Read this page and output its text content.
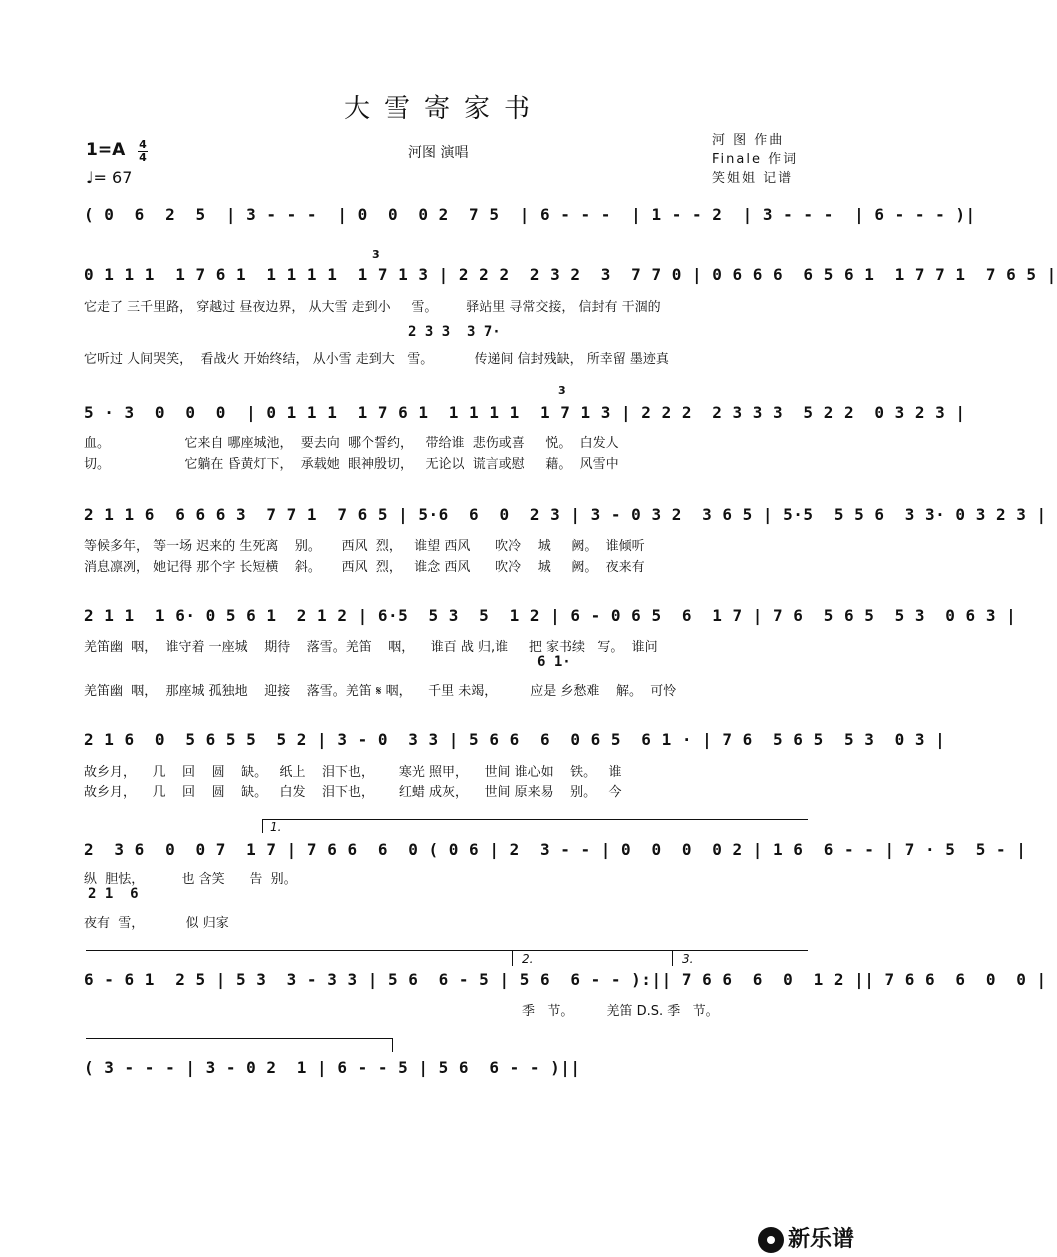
大雪寄家书
1=A 4
4
♩= 67
河图 演唱
河 图 作曲
Finale 作词
笑姐姐 记谱
( 0  6  2  5  | 3 - - -  | 0  0  0 2  7 5  | 6 - - -  | 1 - - 2  | 3 - - -  | 6 - - - )|
3
0 1 1 1  1 7 6 1  1 1 1 1  1 7 1 3 | 2 2 2  2 3 2  3  7 7 0 | 0 6 6 6  6 5 6 1  1 7 7 1  7 6 5 |
它走了 三千里路， 穿越过 昼夜边界， 从大雪 走到小     雪。       驿站里 寻常交接， 信封有 干涸的
2 3 3  3 7·
它听过 人间哭笑，  看战火 开始终结， 从小雪 走到大   雪。          传递间 信封残缺， 所幸留 墨迹真
3
5 · 3  0  0  0  | 0 1 1 1  1 7 6 1  1 1 1 1  1 7 1 3 | 2 2 2  2 3 3 3  5 2 2  0 3 2 3 |
血。                  它来自 哪座城池，  要去向  哪个誓约，   带给谁  悲伤或喜     悦。  白发人
切。                  它躺在 昏黄灯下，  承载她  眼神殷切，   无论以  谎言或慰     藉。  风雪中
2 1 1 6  6 6 6 3  7 7 1  7 6 5 | 5·6  6  0  2 3 | 3 - 0 3 2  3 6 5 | 5·5  5 5 6  3 3· 0 3 2 3 |
等候多年， 等一场 迟来的 生死离    别。     西风  烈，   谁望 西风      吹冷    城     阙。  谁倾听
消息凛冽， 她记得 那个字 长短横    斜。     西风  烈，   谁念 西风      吹冷    城     阙。  夜来有
2 1 1  1 6· 0 5 6 1  2 1 2 | 6·5  5 3  5  1 2 | 6 - 0 6 5  6  1 7 | 7 6  5 6 5  5 3  0 6 3 |
羌笛幽  咽，  谁守着 一座城    期待    落雪。羌笛    咽，    谁百 战 归,谁     把 家书续   写。  谁问
6 1·
羌笛幽  咽，  那座城 孤独地    迎接    落雪。羌笛 𝄋 咽，    千里 未竭，        应是 乡愁难    解。  可怜
2 1 6  0  5 6 5 5  5 2 | 3 - 0  3 3 | 5 6 6  6  0 6 5  6 1 · | 7 6  5 6 5  5 3  0 3 |
故乡月，    几    回    圆    缺。   纸上    泪下也，      寒光 照甲，    世间 谁心如    铁。   谁
故乡月，    几    回    圆    缺。   白发    泪下也，      红蜡 成灰，    世间 原来易    别。   今
1.
2  3 6  0  0 7  1 7 | 7 6 6  6  0 ( 0 6 | 2  3 - - | 0  0  0  0 2 | 1 6  6 - - | 7 · 5  5 - |
纵  胆怯，         也 含笑      告  别。
2 1  6
夜有  雪，          似 归家
2.	3.
6 - 6 1  2 5 | 5 3  3 - 3 3 | 5 6  6 - 5 | 5 6  6 - - ):|| 7 6 6  6  0  1 2 || 7 6 6  6  0  0 |
季   节。        羌笛 D.S. 季   节。
( 3 - - - | 3 - 0 2  1 | 6 - - 5 | 5 6  6 - - )||
新乐谱
